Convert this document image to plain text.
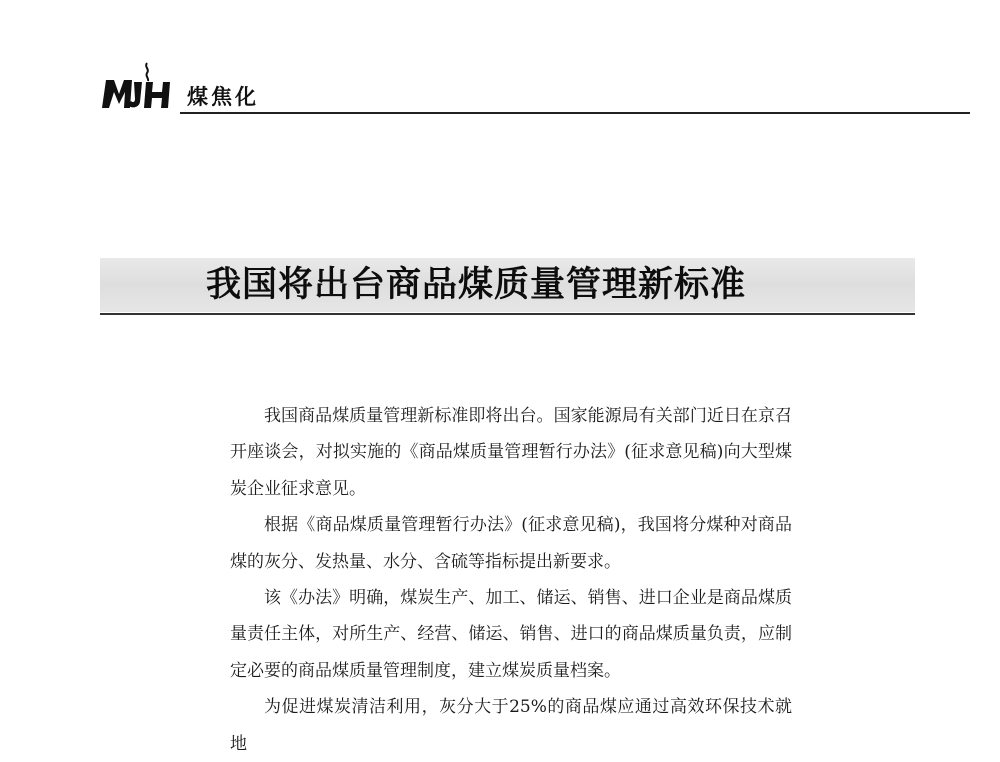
煤焦化
我国将出台商品煤质量管理新标准

我国商品煤质量管理新标准即将出台。国家能源局有关部门近日在京召开座谈会，对拟实施的《商品煤质量管理暂行办法》(征求意见稿)向大型煤炭企业征求意见。

根据《商品煤质量管理暂行办法》(征求意见稿)，我国将分煤种对商品煤的灰分、发热量、水分、含硫等指标提出新要求。

该《办法》明确，煤炭生产、加工、储运、销售、进口企业是商品煤质量责任主体，对所生产、经营、储运、销售、进口的商品煤质量负责，应制定必要的商品煤质量管理制度，建立煤炭质量档案。

为促进煤炭清洁利用，灰分大于25%的商品煤应通过高效环保技术就地
